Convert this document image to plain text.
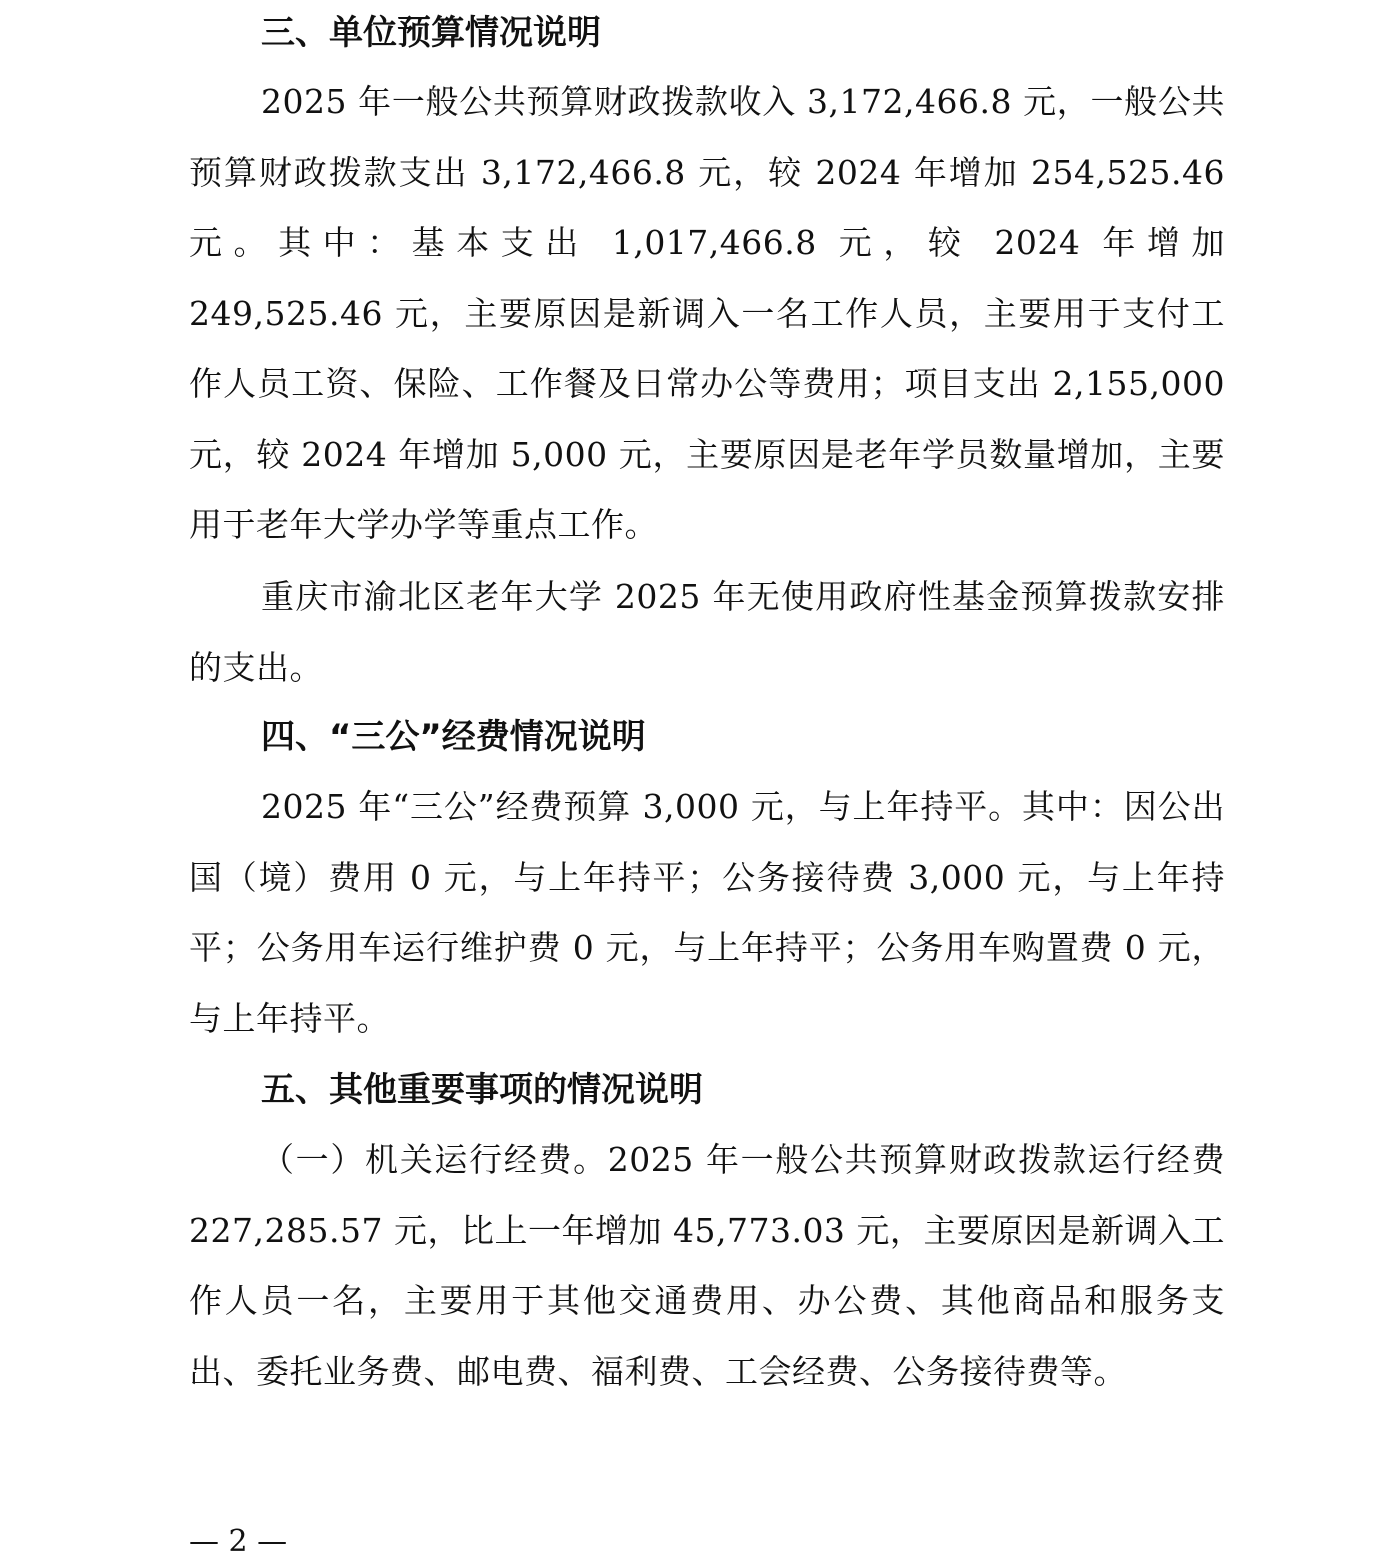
三、单位预算情况说明

2025 年一般公共预算财政拨款收入 3,172,466.8 元，一般公共预算财政拨款支出 3,172,466.8 元，较 2024 年增加 254,525.46 元。其中：基本支出 1,017,466.8 元，较 2024 年增加 249,525.46 元，主要原因是新调入一名工作人员，主要用于支付工作人员工资、保险、工作餐及日常办公等费用；项目支出 2,155,000 元，较 2024 年增加 5,000 元，主要原因是老年学员数量增加，主要用于老年大学办学等重点工作。

重庆市渝北区老年大学 2025 年无使用政府性基金预算拨款安排的支出。

四、“三公”经费情况说明

2025 年“三公”经费预算 3,000 元，与上年持平。其中：因公出国（境）费用 0 元，与上年持平；公务接待费 3,000 元，与上年持平；公务用车运行维护费 0 元，与上年持平；公务用车购置费 0 元，与上年持平。

五、其他重要事项的情况说明

（一）机关运行经费。2025 年一般公共预算财政拨款运行经费 227,285.57 元，比上一年增加 45,773.03 元，主要原因是新调入工作人员一名，主要用于其他交通费用、办公费、其他商品和服务支出、委托业务费、邮电费、福利费、工会经费、公务接待费等。

— 2 —
